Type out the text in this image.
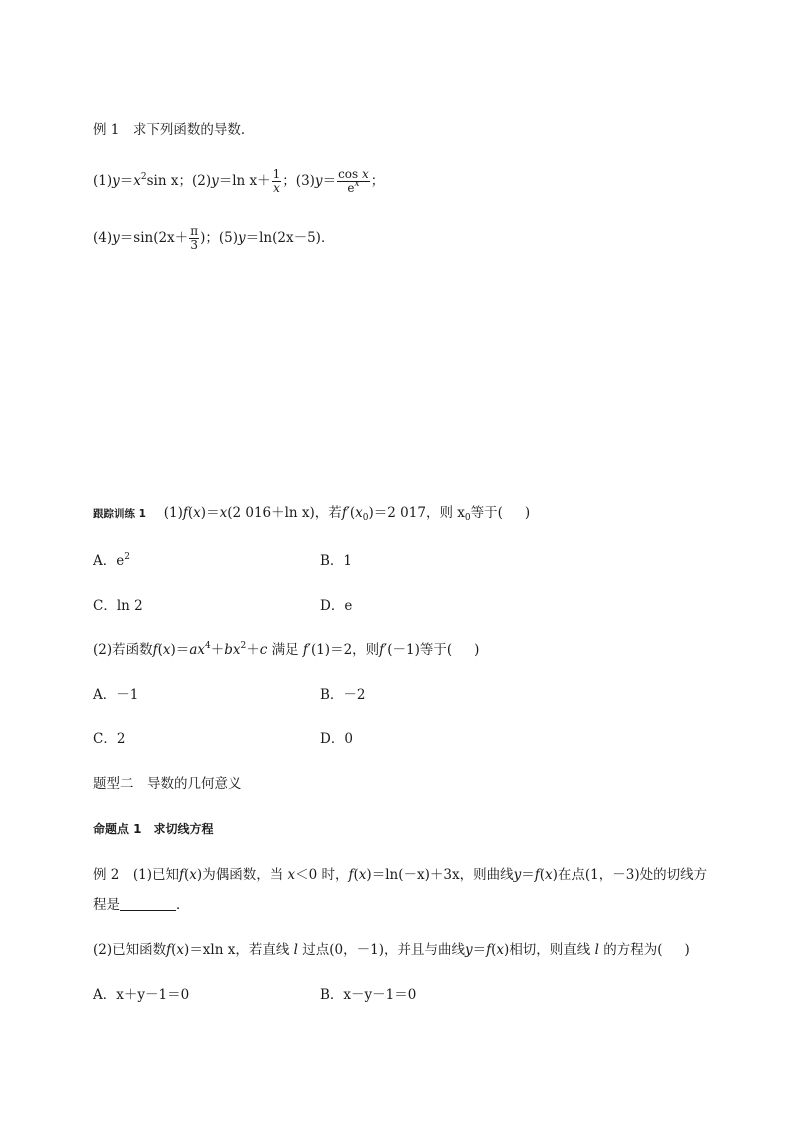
例 1　求下列函数的导数．
$(1)y=x^2\sin$ x；(2)y＝ln $x+ \frac{1}{x}$ ；$(3)y= \frac{\text{cos x}}{e^x}$ ；
$(4)y=\sin(2x+ \frac{\pi}{3}$ )；(5)y＝ln(2x－5)．
跟踪训练 1　 (1)f(x)＝x(2 016＋ln x)，若$f'(x_0)=2$ 017，则 $x_0$等于( )
A．$e^2$	B．1
C．ln 2	D．e
(2)若函数$f(x)=ax^4+bx^2+c$ 满足 f′(1)＝2，则f′(－1)等于( )
A．－1	B．－2
C．2	D．0
题型二　导数的几何意义
命题点 1　求切线方程
例 2　(1)已知f(x)为偶函数，当 x＜0 时，f(x)＝ln(－x)＋3x，则曲线y＝f(x)在点(1，－3)处的切线方
程是	．
(2)已知函数f(x)＝xln x，若直线 l 过点(0，－1)，并且与曲线y＝f(x)相切，则直线 l 的方程为( )
A．x＋y－1＝0	B．x－y－1＝0
